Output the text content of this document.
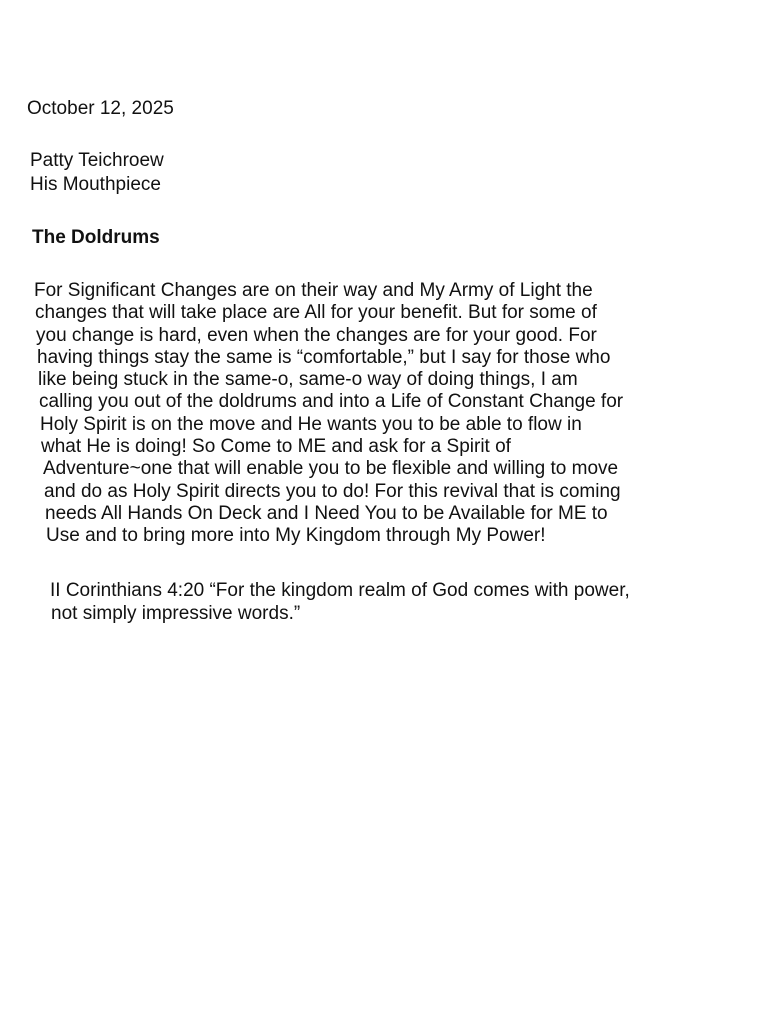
October 12, 2025
Patty Teichroew
His Mouthpiece
The Doldrums
For Significant Changes are on their way and My Army of Light the
changes that will take place are All for your benefit. But for some of
you change is hard, even when the changes are for your good. For
having things stay the same is “comfortable,” but I say for those who
like being stuck in the same-o, same-o way of doing things, I am
calling you out of the doldrums and into a Life of Constant Change for
Holy Spirit is on the move and He wants you to be able to flow in
what He is doing! So Come to ME and ask for a Spirit of
Adventure~one that will enable you to be flexible and willing to move
and do as Holy Spirit directs you to do! For this revival that is coming
needs All Hands On Deck and I Need You to be Available for ME to
Use and to bring more into My Kingdom through My Power!
II Corinthians 4:20 “For the kingdom realm of God comes with power,
not simply impressive words.”
